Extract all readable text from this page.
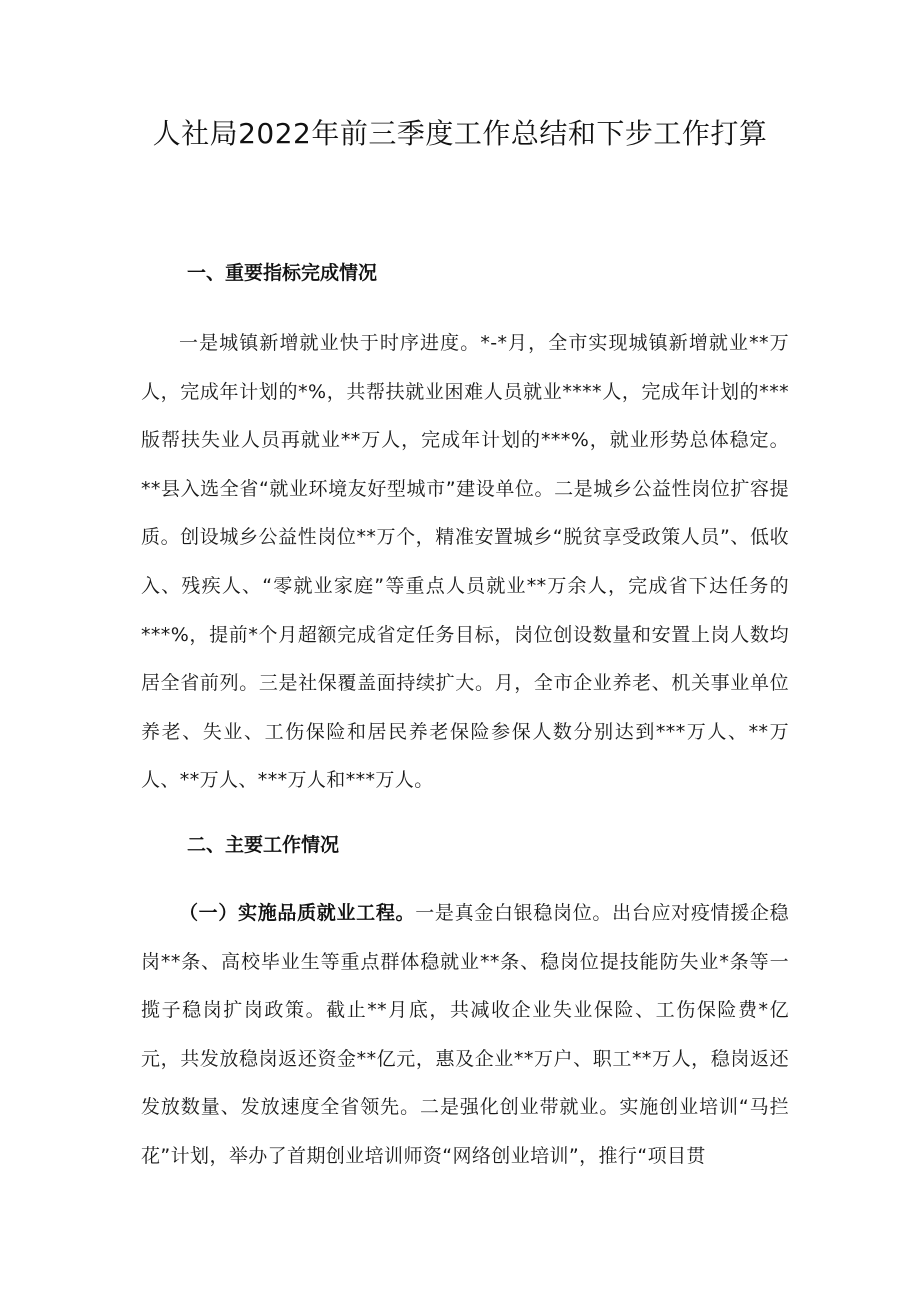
人社局2022年前三季度工作总结和下步工作打算
一、重要指标完成情况
一是城镇新增就业快于时序进度。*-*月，全市实现城镇新增就业**万人，完成年计划的*%，共帮扶就业困难人员就业****人，完成年计划的***版帮扶失业人员再就业**万人，完成年计划的***%，就业形势总体稳定。**县入选全省“就业环境友好型城市”建设单位。二是城乡公益性岗位扩容提质。创设城乡公益性岗位**万个，精准安置城乡“脱贫享受政策人员”、低收入、残疾人、“零就业家庭”等重点人员就业**万余人，完成省下达任务的***%，提前*个月超额完成省定任务目标，岗位创设数量和安置上岗人数均居全省前列。三是社保覆盖面持续扩大。月，全市企业养老、机关事业单位养老、失业、工伤保险和居民养老保险参保人数分别达到***万人、**万人、**万人、***万人和***万人。
二、主要工作情况
（一）实施品质就业工程。一是真金白银稳岗位。出台应对疫情援企稳岗**条、高校毕业生等重点群体稳就业**条、稳岗位提技能防失业*条等一揽子稳岗扩岗政策。截止**月底，共减收企业失业保险、工伤保险费*亿元，共发放稳岗返还资金**亿元，惠及企业**万户、职工**万人，稳岗返还发放数量、发放速度全省领先。二是强化创业带就业。实施创业培训“马拦花”计划，举办了首期创业培训师资“网络创业培训”，推行“项目贯
